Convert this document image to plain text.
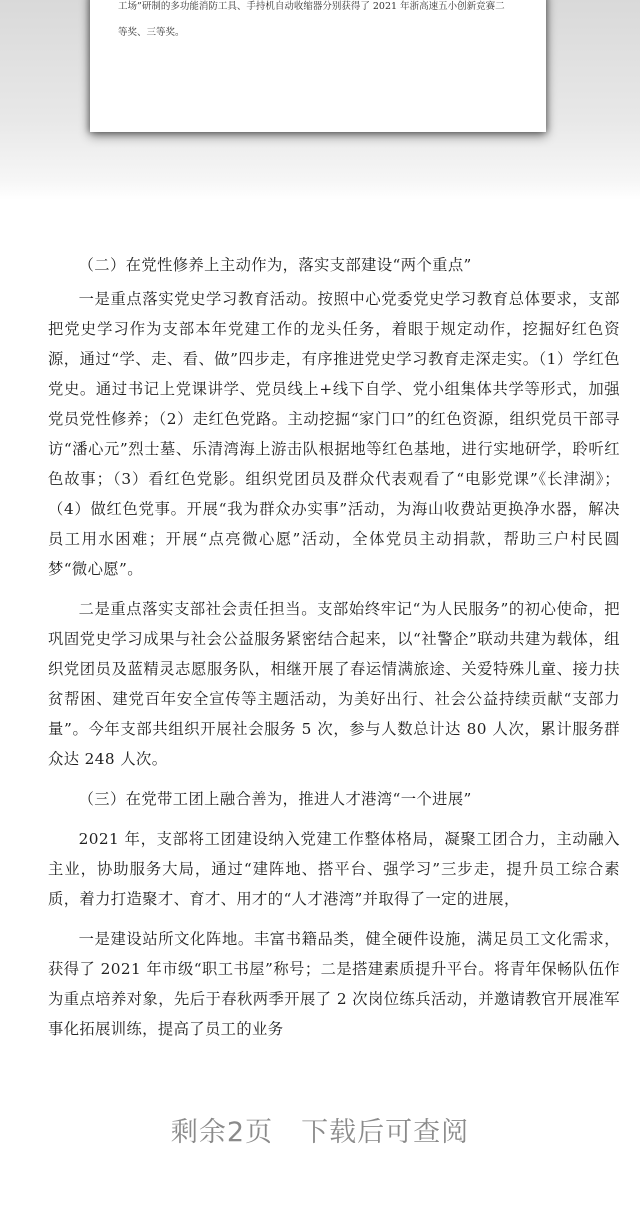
工场”研制的多功能消防工具、手持机自动收缩器分别获得了 2021 年浙高速五小创新竞赛二

等奖、三等奖。

（二）在党性修养上主动作为，落实支部建设“两个重点”

一是重点落实党史学习教育活动。按照中心党委党史学习教育总体要求，支部把党史学习作为支部本年党建工作的龙头任务，着眼于规定动作，挖掘好红色资源，通过“学、走、看、做”四步走，有序推进党史学习教育走深走实。（1）学红色党史。通过书记上党课讲学、党员线上+线下自学、党小组集体共学等形式，加强党员党性修养；（2）走红色党路。主动挖掘“家门口”的红色资源，组织党员干部寻访“潘心元”烈士墓、乐清湾海上游击队根据地等红色基地，进行实地研学，聆听红色故事；（3）看红色党影。组织党团员及群众代表观看了“电影党课”《长津湖》；（4）做红色党事。开展“我为群众办实事”活动，为海山收费站更换净水器，解决员工用水困难；开展“点亮微心愿”活动，全体党员主动捐款，帮助三户村民圆梦“微心愿”。

二是重点落实支部社会责任担当。支部始终牢记“为人民服务”的初心使命，把巩固党史学习成果与社会公益服务紧密结合起来，以“社警企”联动共建为载体，组织党团员及蓝精灵志愿服务队，相继开展了春运情满旅途、关爱特殊儿童、接力扶贫帮困、建党百年安全宣传等主题活动，为美好出行、社会公益持续贡献“支部力量”。今年支部共组织开展社会服务 5 次，参与人数总计达 80 人次，累计服务群众达 248 人次。

（三）在党带工团上融合善为，推进人才港湾“一个进展”

2021 年，支部将工团建设纳入党建工作整体格局，凝聚工团合力，主动融入主业，协助服务大局，通过“建阵地、搭平台、强学习”三步走，提升员工综合素质，着力打造聚才、育才、用才的“人才港湾”并取得了一定的进展，

一是建设站所文化阵地。丰富书籍品类，健全硬件设施，满足员工文化需求，获得了 2021 年市级“职工书屋”称号；二是搭建素质提升平台。将青年保畅队伍作为重点培养对象，先后于春秋两季开展了 2 次岗位练兵活动，并邀请教官开展准军事化拓展训练，提高了员工的业务

剩余2页　下载后可查阅
